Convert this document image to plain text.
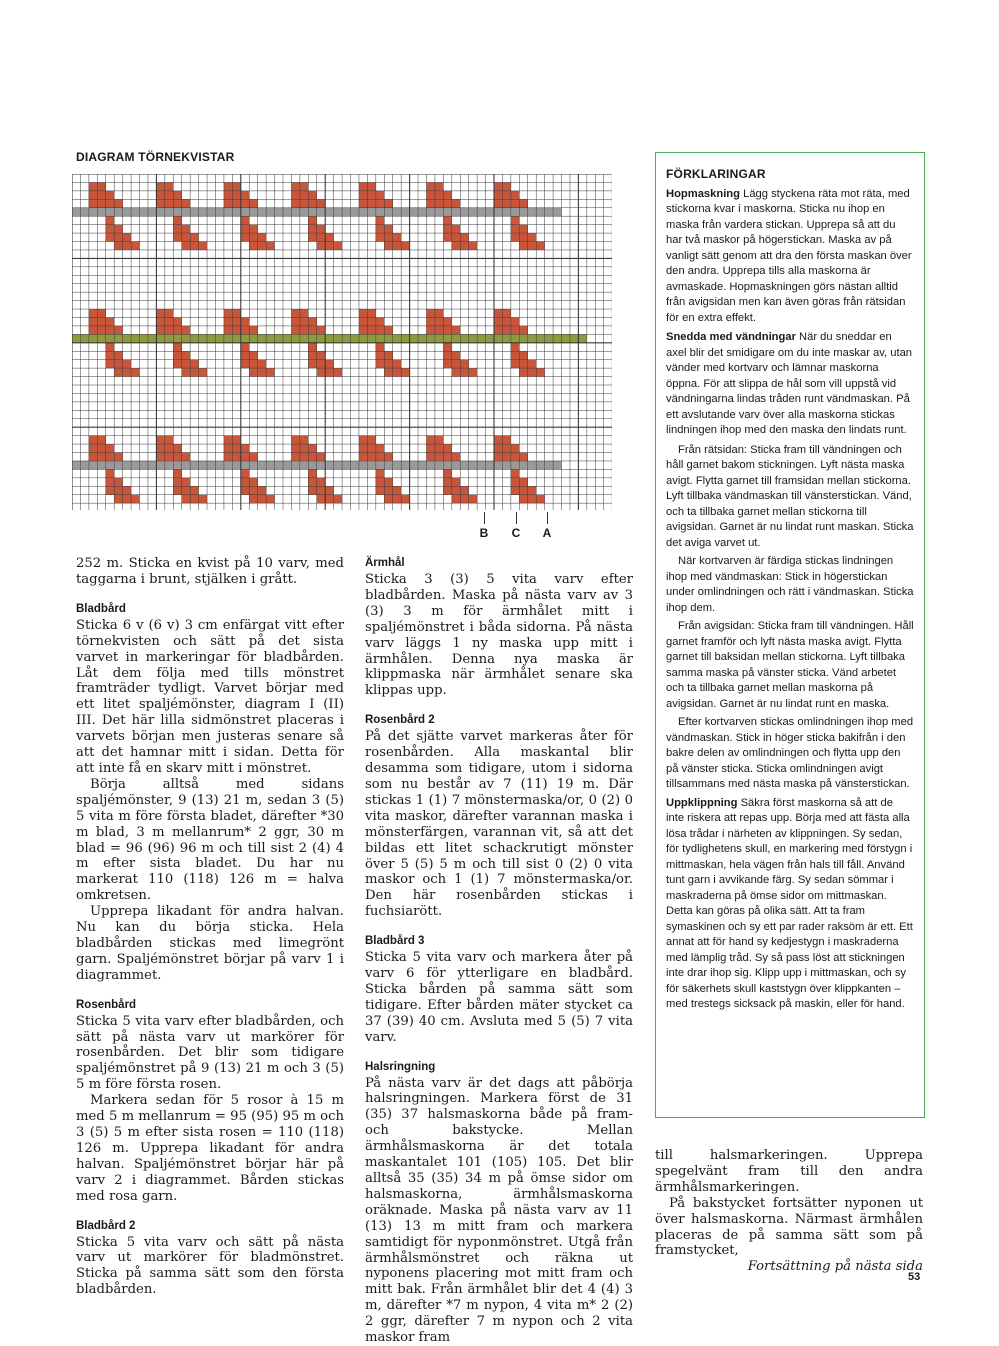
DIAGRAM TÖRNEKVISTAR
B C A

252 m. Sticka en kvist på 10 varv, med taggarna i brunt, stjälken i grått.

Bladbård

Sticka 6 v (6 v) 3 cm enfärgat vitt efter törnekvisten och sätt på det sista varvet in markeringar för bladbården. Låt dem följa med tills mönstret framträder tydligt. Varvet börjar med ett litet spaljémönster, diagram I (II) III. Det här lilla sidmönstret placeras i varvets början men justeras senare så att det hamnar mitt i sidan. Detta för att inte få en skarv mitt i mönstret.

Börja alltså med sidans spaljémönster, 9 (13) 21 m, sedan 3 (5) 5 vita m före första bladet, därefter *30 m blad, 3 m mellanrum* 2 ggr, 30 m blad = 96 (96) 96 m och till sist 2 (4) 4 m efter sista bladet. Du har nu markerat 110 (118) 126 m = halva omkretsen.

Upprepa likadant för andra halvan. Nu kan du börja sticka. Hela bladbården stickas med limegrönt garn. Spaljémönstret börjar på varv 1 i diagrammet.

Rosenbård

Sticka 5 vita varv efter bladbården, och sätt på nästa varv ut markörer för rosenbården. Det blir som tidigare spaljémönstret på 9 (13) 21 m och 3 (5) 5 m före första rosen.

Markera sedan för 5 rosor à 15 m med 5 m mellanrum = 95 (95) 95 m och 3 (5) 5 m efter sista rosen = 110 (118) 126 m. Upprepa likadant för andra halvan. Spaljémönstret börjar här på varv 2 i diagrammet. Bården stickas med rosa garn.

Bladbård 2

Sticka 5 vita varv och sätt på nästa varv ut markörer för bladmönstret. Sticka på samma sätt som den första bladbården.

Ärmhål

Sticka 3 (3) 5 vita varv efter bladbården. Maska på nästa varv av 3 (3) 3 m för ärmhålet mitt i spaljémönstret i båda sidorna. På nästa varv läggs 1 ny maska upp mitt i ärmhålen. Denna nya maska är klippmaska när ärmhålet senare ska klippas upp.

Rosenbård 2

På det sjätte varvet markeras åter för rosenbården. Alla maskantal blir desamma som tidigare, utom i sidorna som nu består av 7 (11) 19 m. Där stickas 1 (1) 7 mönstermaska/or, 0 (2) 0 vita maskor, därefter varannan maska i mönsterfärgen, varannan vit, så att det bildas ett litet schackrutigt mönster över 5 (5) 5 m och till sist 0 (2) 0 vita maskor och 1 (1) 7 mönstermaska/or. Den här rosenbården stickas i fuchsiarött.

Bladbård 3

Sticka 5 vita varv och markera åter på varv 6 för ytterligare en bladbård. Sticka bården på samma sätt som tidigare. Efter bården mäter stycket ca 37 (39) 40 cm. Avsluta med 5 (5) 7 vita varv.

Halsringning

På nästa varv är det dags att påbörja halsringningen. Markera först de 31 (35) 37 halsmaskorna både på fram- och bakstycke. Mellan ärmhålsmaskorna är det totala maskantalet 101 (105) 105. Det blir alltså 35 (35) 34 m på ömse sidor om halsmaskorna, ärmhålsmaskorna oräknade. Maska på nästa varv av 11 (13) 13 m mitt fram och markera samtidigt för nyponmönstret. Utgå från ärmhålsmönstret och räkna ut nyponens placering mot mitt fram och mitt bak. Från ärmhålet blir det 4 (4) 3 m, därefter *7 m nypon, 4 vita m* 2 (2) 2 ggr, därefter 7 m nypon och 2 vita maskor fram

till halsmarkeringen. Upprepa spegelvänt fram till den andra ärmhålsmarkeringen.

På bakstycket fortsätter nyponen ut över halsmaskorna. Närmast ärmhålen placeras de på samma sätt som på framstycket,

Fortsättning på nästa sida

FÖRKLARINGAR

Hopmaskning Lägg styckena räta mot räta, med stickorna kvar i maskorna. Sticka nu ihop en maska från vardera stickan. Upprepa så att du har två maskor på högerstickan. Maska av på vanligt sätt genom att dra den första maskan över den andra. Upprepa tills alla maskorna är avmaskade. Hopmaskningen görs nästan alltid från avigsidan men kan även göras från rätsidan för en extra effekt.

Snedda med vändningar När du sneddar en axel blir det smidigare om du inte maskar av, utan vänder med kortvarv och lämnar maskorna öppna. För att slippa de hål som vill uppstå vid vändningarna lindas tråden runt vändmaskan. På ett avslutande varv över alla maskorna stickas lindningen ihop med den maska den lindats runt.

Från rätsidan: Sticka fram till vändningen och håll garnet bakom stickningen. Lyft nästa maska avigt. Flytta garnet till framsidan mellan stickorna. Lyft tillbaka vändmaskan till vänsterstickan. Vänd, och ta tillbaka garnet mellan stickorna till avigsidan. Garnet är nu lindat runt maskan. Sticka det aviga varvet ut.

När kortvarven är färdiga stickas lindningen ihop med vändmaskan: Stick in högerstickan under omlindningen och rätt i vändmaskan. Sticka ihop dem.

Från avigsidan: Sticka fram till vändningen. Håll garnet framför och lyft nästa maska avigt. Flytta garnet till baksidan mellan stickorna. Lyft tillbaka samma maska på vänster sticka. Vänd arbetet och ta tillbaka garnet mellan maskorna på avigsidan. Garnet är nu lindat runt en maska.

Efter kortvarven stickas omlindningen ihop med vändmaskan. Stick in höger sticka bakifrån i den bakre delen av omlindningen och flytta upp den på vänster sticka. Sticka omlindningen avigt tillsammans med nästa maska på vänsterstickan.

Uppklippning Säkra först maskorna så att de inte riskera att repas upp. Börja med att fästa alla lösa trådar i närheten av klippningen. Sy sedan, för tydlighetens skull, en markering med förstygn i mittmaskan, hela vägen från hals till fåll. Använd tunt garn i avvikande färg. Sy sedan sömmar i maskraderna på ömse sidor om mittmaskan. Detta kan göras på olika sätt. Att ta fram symaskinen och sy ett par rader raksöm är ett. Ett annat att för hand sy kedjestygn i maskraderna med lämplig tråd. Sy så pass löst att stickningen inte drar ihop sig. Klipp upp i mittmaskan, och sy för säkerhets skull kaststygn över klippkanten – med trestegs sicksack på maskin, eller för hand.

53
